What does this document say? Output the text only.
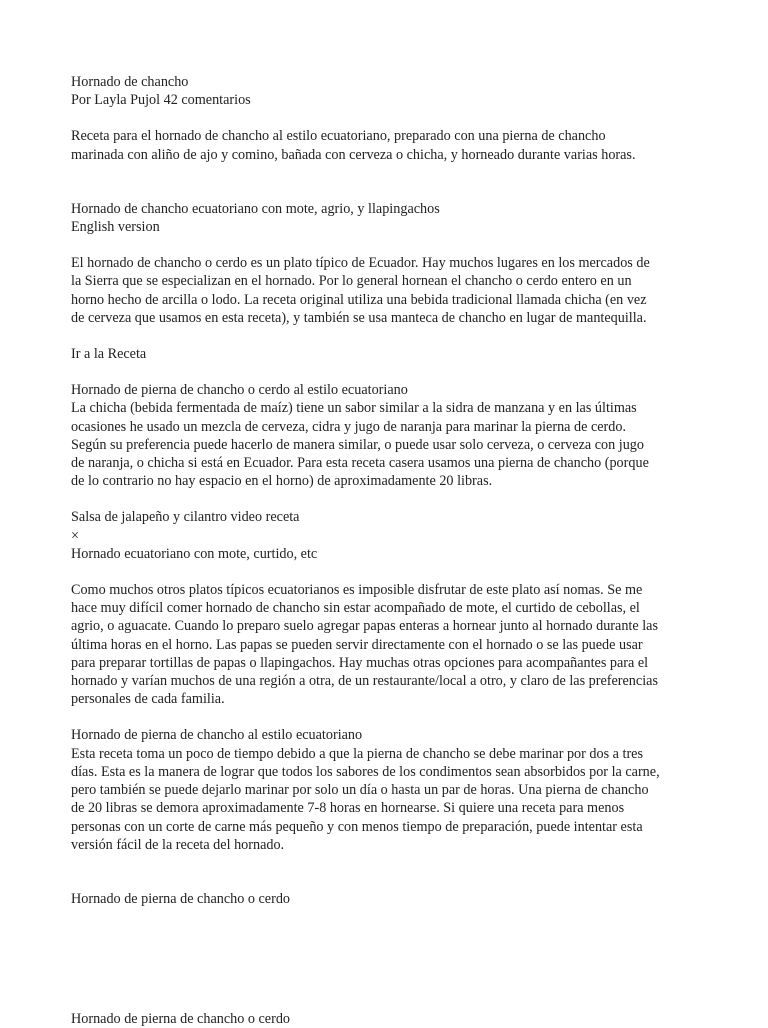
Hornado de chancho
Por Layla Pujol 42 comentarios
Receta para el hornado de chancho al estilo ecuatoriano, preparado con una pierna de chancho
marinada con aliño de ajo y comino, bañada con cerveza o chicha, y horneado durante varias horas.
Hornado de chancho ecuatoriano con mote, agrio, y llapingachos
English version
El hornado de chancho o cerdo es un plato típico de Ecuador. Hay muchos lugares en los mercados de
la Sierra que se especializan en el hornado. Por lo general hornean el chancho o cerdo entero en un
horno hecho de arcilla o lodo. La receta original utiliza una bebida tradicional llamada chicha (en vez
de cerveza que usamos en esta receta), y también se usa manteca de chancho en lugar de mantequilla.
Ir a la Receta
Hornado de pierna de chancho o cerdo al estilo ecuatoriano
La chicha (bebida fermentada de maíz) tiene un sabor similar a la sidra de manzana y en las últimas
ocasiones he usado un mezcla de cerveza, cidra y jugo de naranja para marinar la pierna de cerdo.
Según su preferencia puede hacerlo de manera similar, o puede usar solo cerveza, o cerveza con jugo
de naranja, o chicha si está en Ecuador. Para esta receta casera usamos una pierna de chancho (porque
de lo contrario no hay espacio en el horno) de aproximadamente 20 libras.
Salsa de jalapeño y cilantro video receta
×
Hornado ecuatoriano con mote, curtido, etc
Como muchos otros platos típicos ecuatorianos es imposible disfrutar de este plato así nomas. Se me
hace muy difícil comer hornado de chancho sin estar acompañado de mote, el curtido de cebollas, el
agrio, o aguacate. Cuando lo preparo suelo agregar papas enteras a hornear junto al hornado durante las
última horas en el horno. Las papas se pueden servir directamente con el hornado o se las puede usar
para preparar tortillas de papas o llapingachos. Hay muchas otras opciones para acompañantes para el
hornado y varían muchos de una región a otra, de un restaurante/local a otro, y claro de las preferencias
personales de cada familia.
Hornado de pierna de chancho al estilo ecuatoriano
Esta receta toma un poco de tiempo debido a que la pierna de chancho se debe marinar por dos a tres
días. Esta es la manera de lograr que todos los sabores de los condimentos sean absorbidos por la carne,
pero también se puede dejarlo marinar por solo un día o hasta un par de horas. Una pierna de chancho
de 20 libras se demora aproximadamente 7-8 horas en hornearse. Si quiere una receta para menos
personas con un corte de carne más pequeño y con menos tiempo de preparación, puede intentar esta
versión fácil de la receta del hornado.
Hornado de pierna de chancho o cerdo
Hornado de pierna de chancho o cerdo
